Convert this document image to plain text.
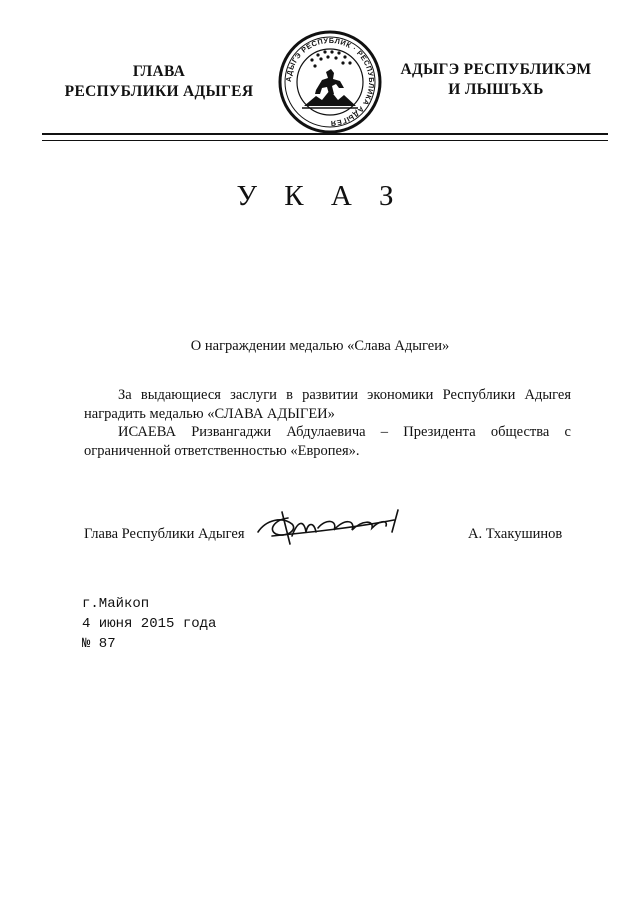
ГЛАВА
РЕСПУБЛИКИ АДЫГЕЯ
АДЫГЭ РЕСПУБЛИК · РЕСПУБЛИКА АДЫГЕЯ
АДЫГЭ РЕСПУБЛИКЭМ
И ЛЫШЪХЬ
У К А З
О награждении медалью «Слава Адыгеи»

За выдающиеся заслуги в развитии экономики Республики Адыгея наградить медалью «СЛАВА АДЫГЕИ»

ИСАЕВА Ризвангаджи Абдулаевича – Президента общества с ограниченной ответственностью «Европея».

Глава Республики Адыгея	А. Тхакушинов
г.Майкоп
4 июня 2015 года
№ 87
